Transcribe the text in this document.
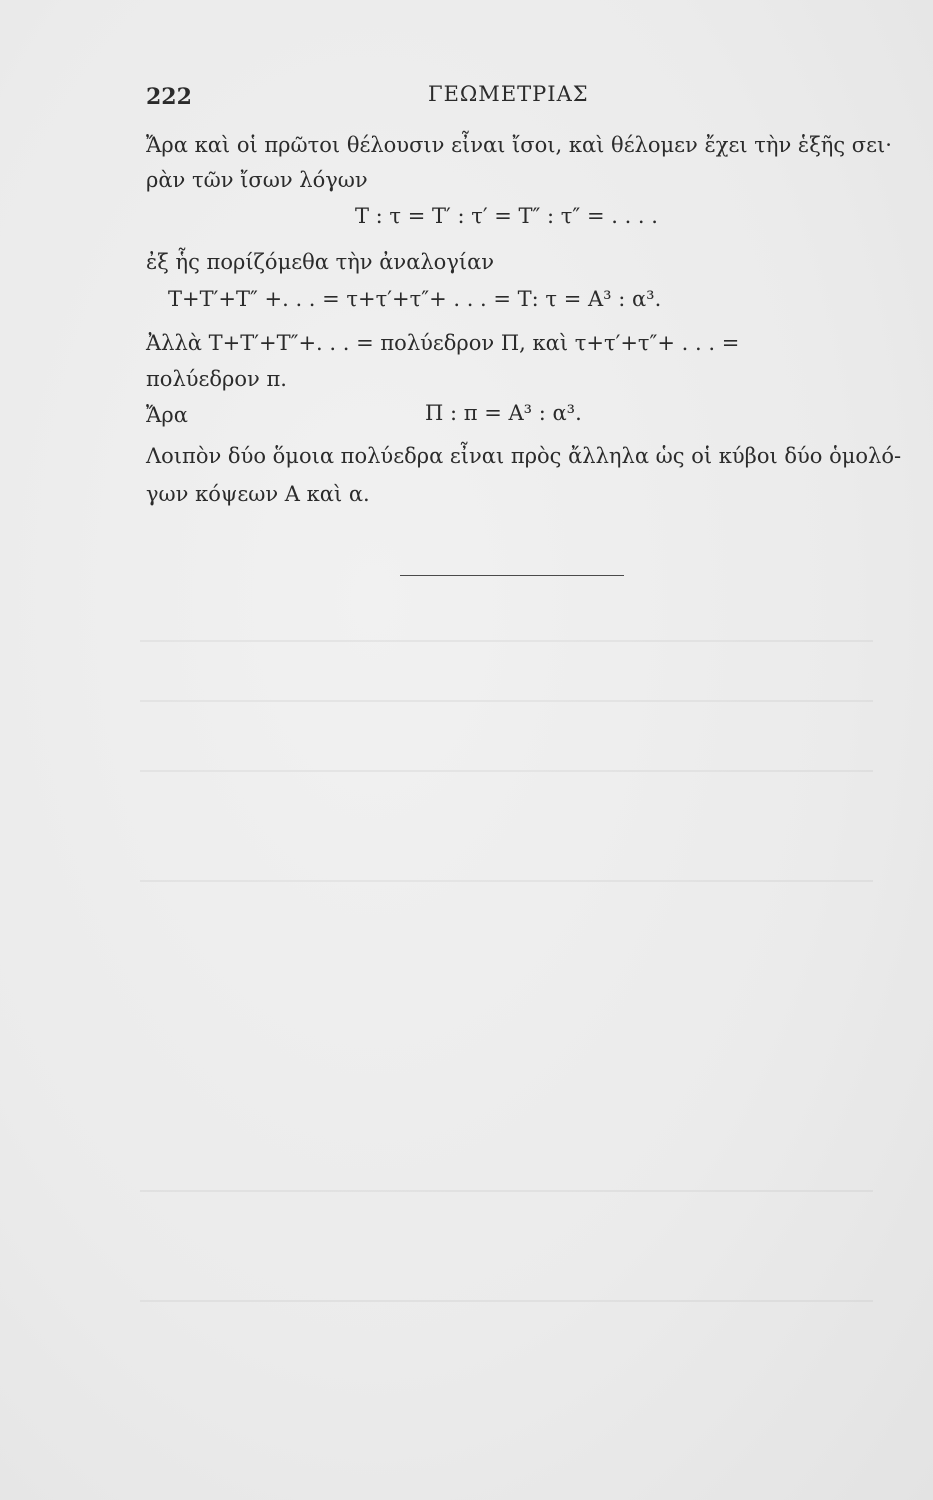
222	ΓΕΩΜΕΤΡΙΑΣ
Ἄρα καὶ οἱ πρῶτοι θέλουσιν εἶναι ἴσοι, καὶ θέλομεν ἔχει τὴν ἑξῆς σει·
ρὰν τῶν ἴσων λόγων
Τ : τ = Τ′ : τ′ = Τ″ : τ″ = . . . .
ἐξ ἧς πορίζόμεθα τὴν ἀναλογίαν
Τ+Τ′+Τ″ +. . . = τ+τ′+τ″+ . . . = Τ: τ = Α³ : α³.
Ἀλλὰ Τ+Τ′+Τ″+. . . = πολύεδρον Π, καὶ τ+τ′+τ″+ . . . =
πολύεδρον π.
Ἄρα	Π : π = Α³ : α³.
Λοιπὸν δύο ὅμοια πολύεδρα εἶναι πρὸς ἄλληλα ὡς οἱ κύβοι δύο ὁμολό-
γων κόψεων Α καὶ α.
